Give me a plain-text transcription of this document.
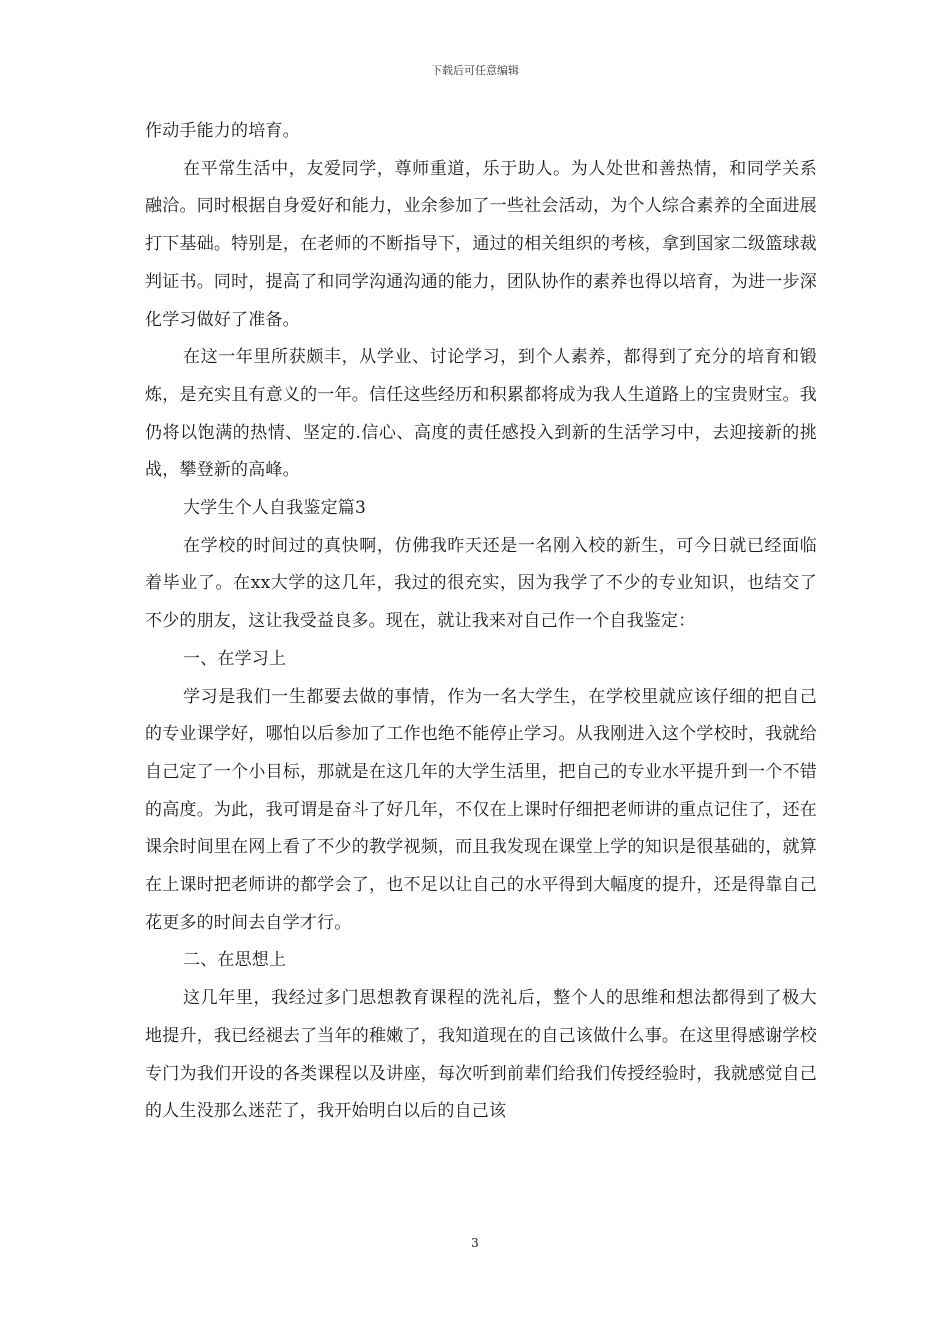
下载后可任意编辑

作动手能力的培育。

在平常生活中，友爱同学，尊师重道，乐于助人。为人处世和善热情，和同学关系融洽。同时根据自身爱好和能力，业余参加了一些社会活动，为个人综合素养的全面进展打下基础。特别是，在老师的不断指导下，通过的相关组织的考核，拿到国家二级篮球裁判证书。同时，提高了和同学沟通沟通的能力，团队协作的素养也得以培育，为进一步深化学习做好了准备。

在这一年里所获颇丰，从学业、讨论学习，到个人素养，都得到了充分的培育和锻炼，是充实且有意义的一年。信任这些经历和积累都将成为我人生道路上的宝贵财宝。我仍将以饱满的热情、坚定的.信心、高度的责任感投入到新的生活学习中，去迎接新的挑战，攀登新的高峰。

大学生个人自我鉴定篇3

在学校的时间过的真快啊，仿佛我昨天还是一名刚入校的新生，可今日就已经面临着毕业了。在xx大学的这几年，我过的很充实，因为我学了不少的专业知识，也结交了不少的朋友，这让我受益良多。现在，就让我来对自己作一个自我鉴定：

一、在学习上

学习是我们一生都要去做的事情，作为一名大学生，在学校里就应该仔细的把自己的专业课学好，哪怕以后参加了工作也绝不能停止学习。从我刚进入这个学校时，我就给自己定了一个小目标，那就是在这几年的大学生活里，把自己的专业水平提升到一个不错的高度。为此，我可谓是奋斗了好几年，不仅在上课时仔细把老师讲的重点记住了，还在课余时间里在网上看了不少的教学视频，而且我发现在课堂上学的知识是很基础的，就算在上课时把老师讲的都学会了，也不足以让自己的水平得到大幅度的提升，还是得靠自己花更多的时间去自学才行。

二、在思想上

这几年里，我经过多门思想教育课程的洗礼后，整个人的思维和想法都得到了极大地提升，我已经褪去了当年的稚嫩了，我知道现在的自己该做什么事。在这里得感谢学校专门为我们开设的各类课程以及讲座，每次听到前辈们给我们传授经验时，我就感觉自己的人生没那么迷茫了，我开始明白以后的自己该

3
